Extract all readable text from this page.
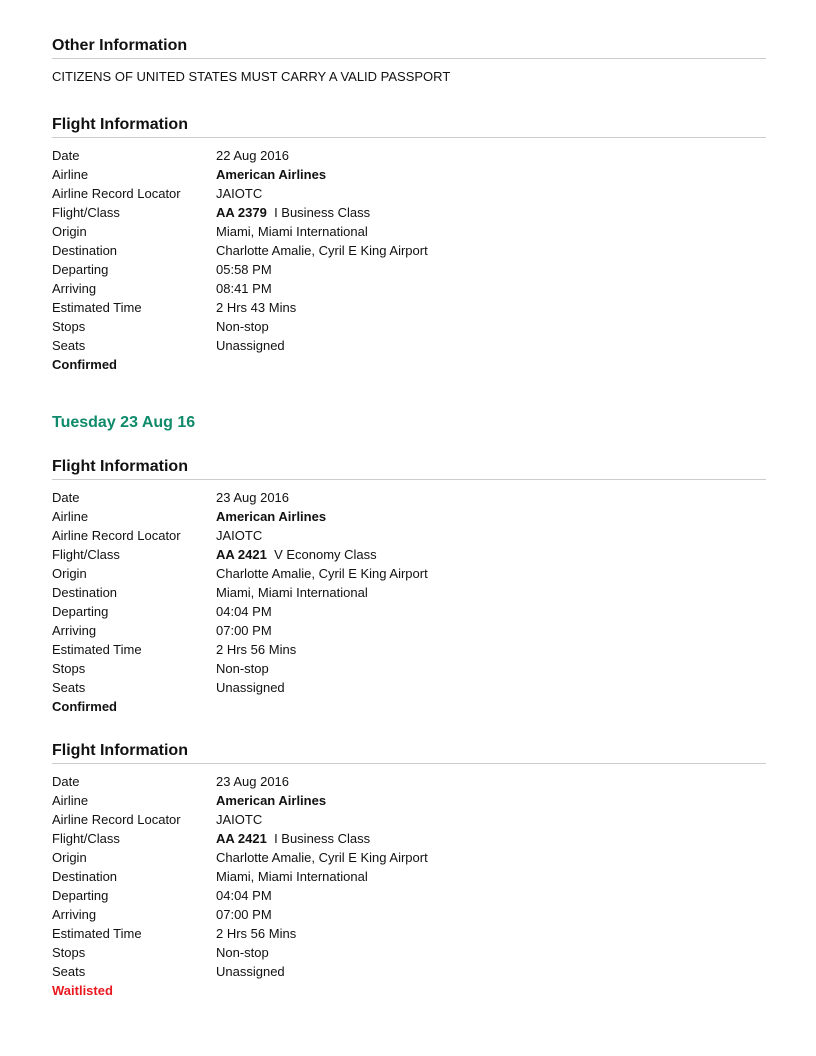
Other Information
CITIZENS OF UNITED STATES MUST CARRY A VALID PASSPORT
Flight Information
Date	22 Aug 2016
Airline	American Airlines
Airline Record Locator	JAIOTC
Flight/Class	AA 2379 I Business Class
Origin	Miami, Miami International
Destination	Charlotte Amalie, Cyril E King Airport
Departing	05:58 PM
Arriving	08:41 PM
Estimated Time	2 Hrs 43 Mins
Stops	Non-stop
Seats	Unassigned
Confirmed
Tuesday 23 Aug 16
Flight Information
Date	23 Aug 2016
Airline	American Airlines
Airline Record Locator	JAIOTC
Flight/Class	AA 2421 V Economy Class
Origin	Charlotte Amalie, Cyril E King Airport
Destination	Miami, Miami International
Departing	04:04 PM
Arriving	07:00 PM
Estimated Time	2 Hrs 56 Mins
Stops	Non-stop
Seats	Unassigned
Confirmed
Flight Information
Date	23 Aug 2016
Airline	American Airlines
Airline Record Locator	JAIOTC
Flight/Class	AA 2421 I Business Class
Origin	Charlotte Amalie, Cyril E King Airport
Destination	Miami, Miami International
Departing	04:04 PM
Arriving	07:00 PM
Estimated Time	2 Hrs 56 Mins
Stops	Non-stop
Seats	Unassigned
Waitlisted
